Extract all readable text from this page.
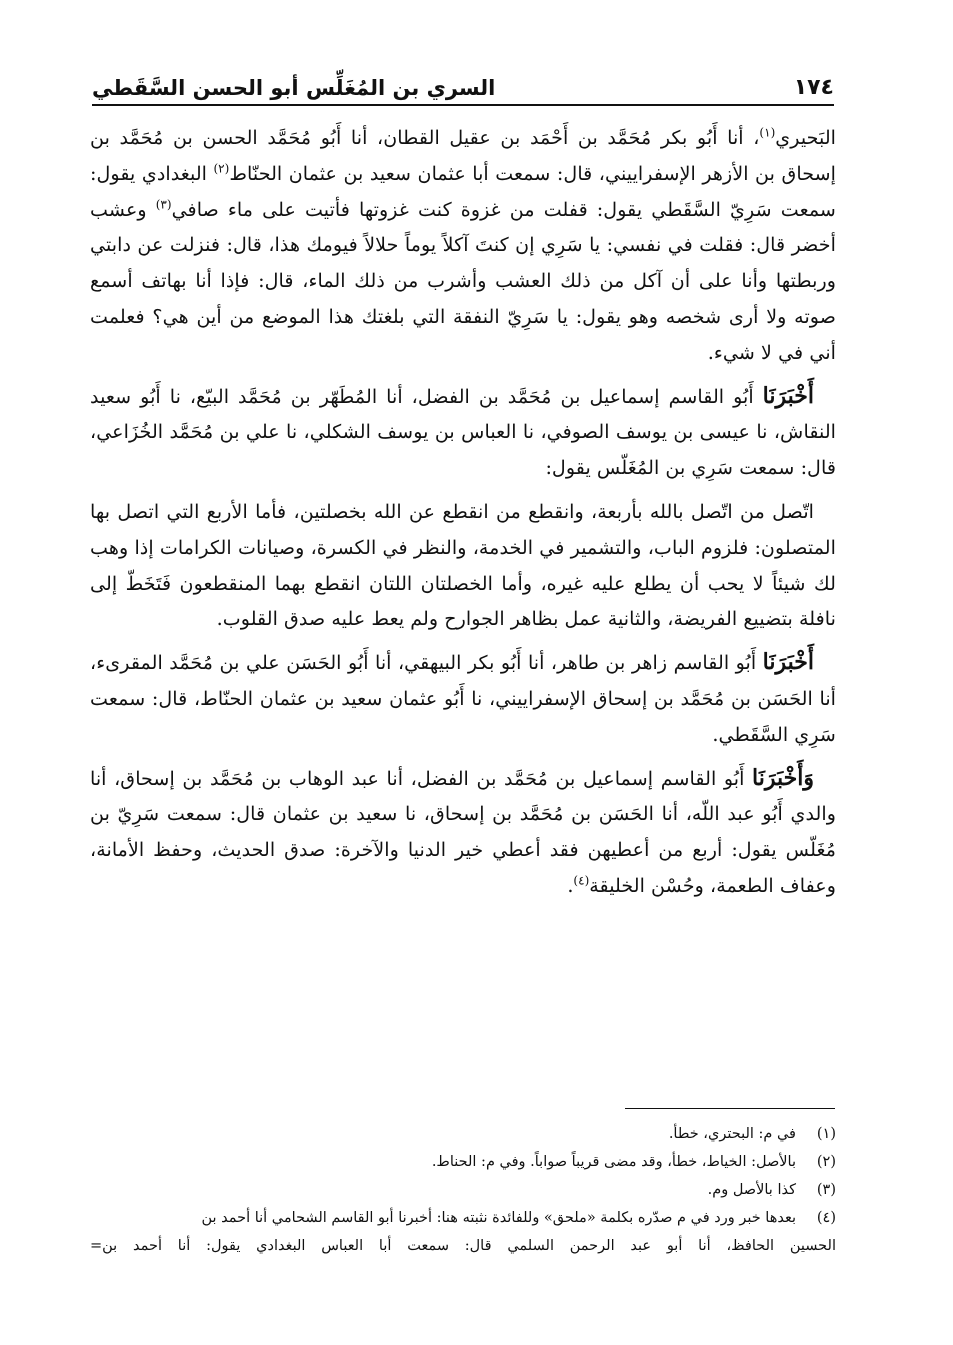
١٧٤
السري بن المُغَلِّس أبو الحسن السَّقَطي

البَحيري$^{(١)}$، أنا أَبُو بكر مُحَمَّد بن أَحْمَد بن عقيل القطان، أنا أَبُو مُحَمَّد الحسن بن مُحَمَّد بن إسحاق بن الأزهر الإسفراييني، قال: سمعت أبا عثمان سعيد بن عثمان الحنّاط$^{(٢)}$ البغدادي يقول: سمعت سَرِيّ السَّقَطي يقول: قفلت من غزوة كنت غزوتها فأتيت على ماء صافي$^{(٣)}$ وعشب أخضر قال: فقلت في نفسي: يا سَرِي إن كنتَ آكلاً يوماً حلالاً فيومك هذا، قال: فنزلت عن دابتي وربطتها وأنا على أن آكل من ذلك العشب وأشرب من ذلك الماء، قال: فإذا أنا بهاتف أسمع صوته ولا أرى شخصه وهو يقول: يا سَرِيّ النفقة التي بلغتك هذا الموضع من أين هي؟ فعلمت أني في لا شيء.

أَخْبَرَنَا أَبُو القاسم إسماعيل بن مُحَمَّد بن الفضل، أنا المُطَهّر بن مُحَمَّد البيّع، نا أَبُو سعيد النقاش، نا عيسى بن يوسف الصوفي، نا العباس بن يوسف الشكلي، نا علي بن مُحَمَّد الخُزَاعي، قال: سمعت سَرِي بن المُغَلّس يقول:

اتّصل من اتّصل بالله بأربعة، وانقطع من انقطع عن الله بخصلتين، فأما الأربع التي اتصل بها المتصلون: فلزوم الباب، والتشمير في الخدمة، والنظر في الكسرة، وصيانات الكرامات إذا وهب لك شيئاً لا يحب أن يطلع عليه غيره، وأما الخصلتان اللتان انقطع بهما المنقطعون فَتَخَطّ إلى نافلة بتضييع الفريضة، والثانية عمل بظاهر الجوارح ولم يعط عليه صدق القلوب.

أَخْبَرَنَا أَبُو القاسم زاهر بن طاهر، أنا أَبُو بكر البيهقي، أنا أَبُو الحَسَن علي بن مُحَمَّد المقرىء، أنا الحَسَن بن مُحَمَّد بن إسحاق الإسفراييني، نا أَبُو عثمان سعيد بن عثمان الحنّاط، قال: سمعت سَرِي السَّقَطي.

وَأَخْبَرَنَا أَبُو القاسم إسماعيل بن مُحَمَّد بن الفضل، أنا عبد الوهاب بن مُحَمَّد بن إسحاق، أنا والدي أَبُو عبد اللّه، أنا الحَسَن بن مُحَمَّد بن إسحاق، نا سعيد بن عثمان قال: سمعت سَرِيّ بن مُغَلّس يقول: أربع من أعطيهن فقد أعطي خير الدنيا والآخرة: صدق الحديث، وحفظ الأمانة، وعفاف الطعمة، وحُسْن الخليقة$^{(٤)}$.

(١)
في م: البحتري، خطأ.
(٢)
بالأصل: الخياط، خطأ، وقد مضى قريباً صواباً. وفي م: الحناط.
(٣)
كذا بالأصل وم.
(٤)
بعدها خبر ورد في م صدّره بكلمة «ملحق» وللفائدة نثبته هنا: أخبرنا أبو القاسم الشحامي أنا أحمد بن
الحسين الحافظ، أنا أبو عبد الرحمن السلمي قال: سمعت أبا العباس البغدادي يقول: أنا أحمد بن=
